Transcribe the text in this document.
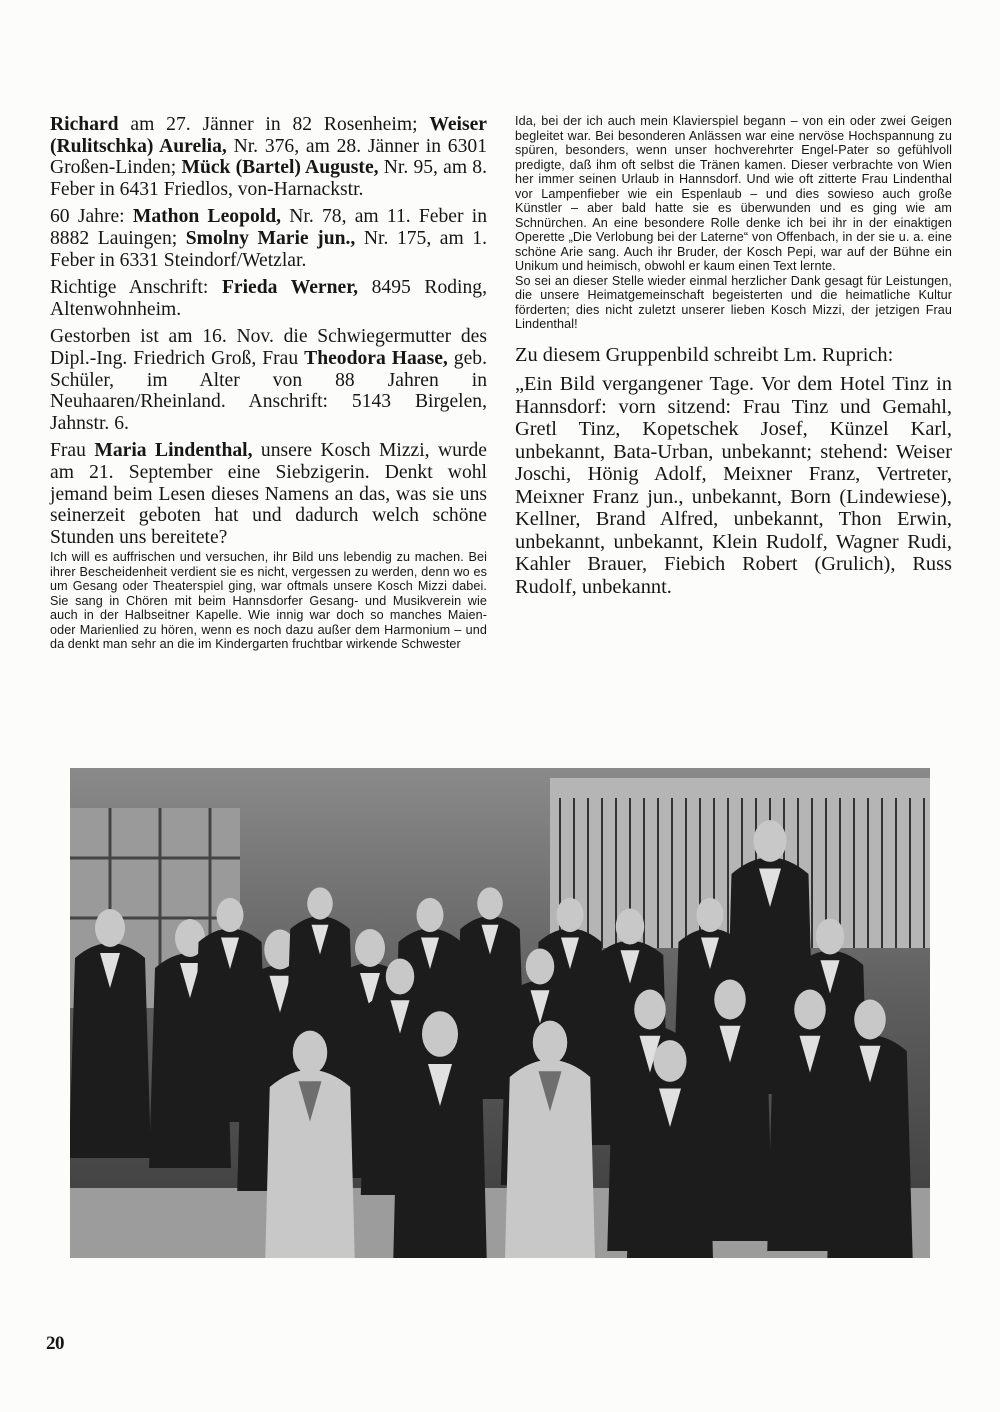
Richard am 27. Jänner in 82 Rosenheim; Weiser (Rulitschka) Aurelia, Nr. 376, am 28. Jänner in 6301 Großen-Linden; Mück (Bartel) Auguste, Nr. 95, am 8. Feber in 6431 Friedlos, von-Harnackstr.

60 Jahre: Mathon Leopold, Nr. 78, am 11. Feber in 8882 Lauingen; Smolny Marie jun., Nr. 175, am 1. Feber in 6331 Steindorf/Wetzlar.

Richtige Anschrift: Frieda Werner, 8495 Roding, Altenwohnheim.

Gestorben ist am 16. Nov. die Schwiegermutter des Dipl.-Ing. Friedrich Groß, Frau Theodora Haase, geb. Schüler, im Alter von 88 Jahren in Neuhaaren/Rheinland. Anschrift: 5143 Birgelen, Jahnstr. 6.

Frau Maria Lindenthal, unsere Kosch Mizzi, wurde am 21. September eine Siebzigerin. Denkt wohl jemand beim Lesen dieses Namens an das, was sie uns seinerzeit geboten hat und dadurch welch schöne Stunden uns bereitete?

Ich will es auffrischen und versuchen, ihr Bild uns lebendig zu machen. Bei ihrer Bescheidenheit verdient sie es nicht, vergessen zu werden, denn wo es um Gesang oder Theaterspiel ging, war oftmals unsere Kosch Mizzi dabei. Sie sang in Chören mit beim Hannsdorfer Gesang- und Musikverein wie auch in der Halbseitner Kapelle. Wie innig war doch so manches Maien- oder Marienlied zu hören, wenn es noch dazu außer dem Harmonium – und da denkt man sehr an die im Kindergarten fruchtbar wirkende Schwester

Ida, bei der ich auch mein Klavierspiel begann – von ein oder zwei Geigen begleitet war. Bei besonderen Anlässen war eine nervöse Hochspannung zu spüren, besonders, wenn unser hochverehrter Engel-Pater so gefühlvoll predigte, daß ihm oft selbst die Tränen kamen. Dieser verbrachte von Wien her immer seinen Urlaub in Hannsdorf. Und wie oft zitterte Frau Lindenthal vor Lampenfieber wie ein Espenlaub – und dies sowieso auch große Künstler – aber bald hatte sie es überwunden und es ging wie am Schnürchen. An eine besondere Rolle denke ich bei ihr in der einaktigen Operette „Die Verlobung bei der Laterne“ von Offenbach, in der sie u. a. eine schöne Arie sang. Auch ihr Bruder, der Kosch Pepi, war auf der Bühne ein Unikum und heimisch, obwohl er kaum einen Text lernte.

So sei an dieser Stelle wieder einmal herzlicher Dank gesagt für Leistungen, die unsere Heimatgemeinschaft begeisterten und die heimatliche Kultur förderten; dies nicht zuletzt unserer lieben Kosch Mizzi, der jetzigen Frau Lindenthal!

Zu diesem Gruppenbild schreibt Lm. Ruprich:

„Ein Bild vergangener Tage. Vor dem Hotel Tinz in Hannsdorf: vorn sitzend: Frau Tinz und Gemahl, Gretl Tinz, Kopetschek Josef, Künzel Karl, unbekannt, Bata-Urban, unbekannt; stehend: Weiser Joschi, Hönig Adolf, Meixner Franz, Vertreter, Meixner Franz jun., unbekannt, Born (Lindewiese), Kellner, Brand Alfred, unbekannt, Thon Erwin, unbekannt, unbekannt, Klein Rudolf, Wagner Rudi, Kahler Brauer, Fiebich Robert (Grulich), Russ Rudolf, unbekannt.

20
